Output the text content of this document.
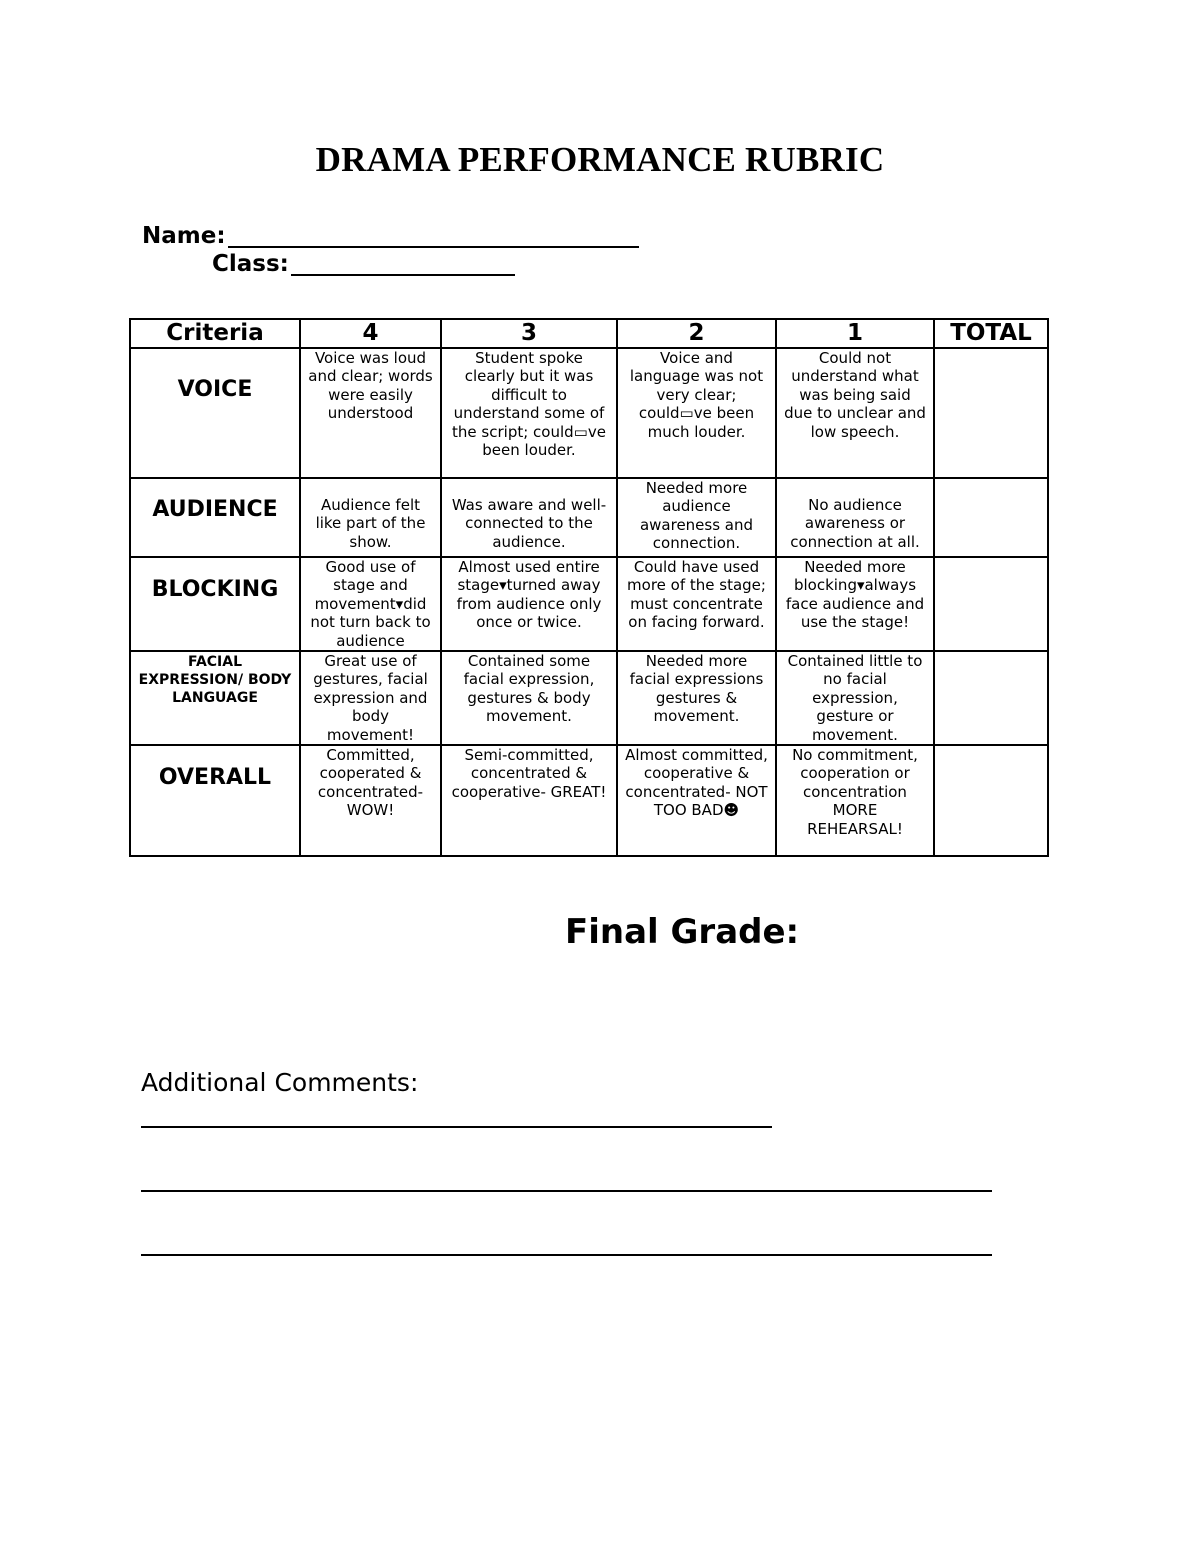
DRAMA PERFORMANCE RUBRIC
Name:
Class:
Criteria	4	3	2	1	TOTAL
VOICE	Voice was loud and clear; words were easily understood	Student spoke clearly but it was difficult to understand some of the script; could▭ve been louder.	Voice and language was not very clear; could▭ve been much louder.	Could not understand what was being said due to unclear and low speech.	
AUDIENCE	Audience felt like part of the show.	Was aware and well-connected to the audience.	Needed more audience awareness and connection.	No audience awareness or connection at all.	
BLOCKING	Good use of stage and movement▾did not turn back to audience	Almost used entire stage▾turned away from audience only once or twice.	Could have used more of the stage; must concentrate on facing forward.	Needed more blocking▾always face audience and use the stage!	
FACIAL EXPRESSION/ BODY LANGUAGE	Great use of gestures, facial expression and body movement!	Contained some facial expression, gestures & body movement.	Needed more facial expressions gestures & movement.	Contained little to no facial expression, gesture or movement.	
OVERALL	Committed, cooperated & concentrated- WOW!	Semi-committed, concentrated & cooperative- GREAT!	Almost committed, cooperative & concentrated- NOT TOO BAD☻	No commitment, cooperation or concentration MORE REHEARSAL!	
Final Grade:
Additional Comments:
